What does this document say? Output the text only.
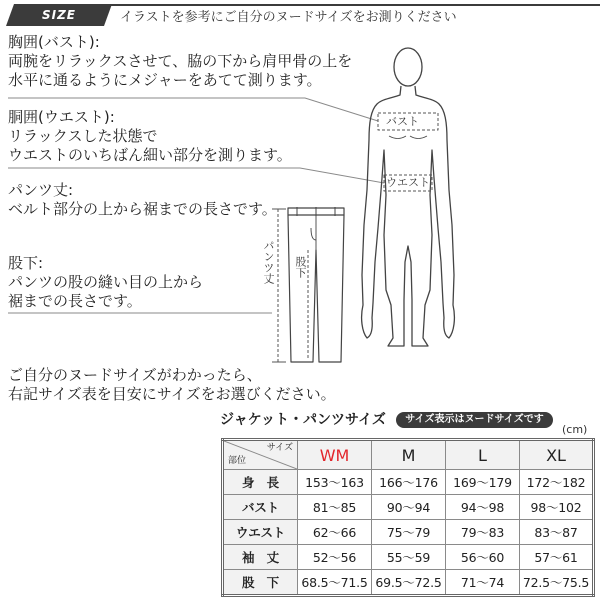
SIZE	イラストを参考にご自分のヌードサイズをお測りください
胸囲(バスト):
両腕をリラックスさせて、脇の下から肩甲骨の上を
水平に通るようにメジャーをあてて測ります。
胴囲(ウエスト):
リラックスした状態で
ウエストのいちばん細い部分を測ります。
パンツ丈:
ベルト部分の上から裾までの長さです。
股下:
パンツの股の縫い目の上から
裾までの長さです。
バスト
ウエスト
パンツ丈 股下
ご自分のヌードサイズがわかったら、
右記サイズ表を目安にサイズをお選びください。
ジャケット・パンツサイズ	サイズ表示はヌードサイズです
(cm)
サイズ
部位	WM	M	L	XL
身　長	153〜163	166〜176	169〜179	172〜182
バスト	81〜85	90〜94	94〜98	98〜102
ウエスト	62〜66	75〜79	79〜83	83〜87
袖　丈	52〜56	55〜59	56〜60	57〜61
股　下	68.5〜71.5	69.5〜72.5	71〜74	72.5〜75.5
